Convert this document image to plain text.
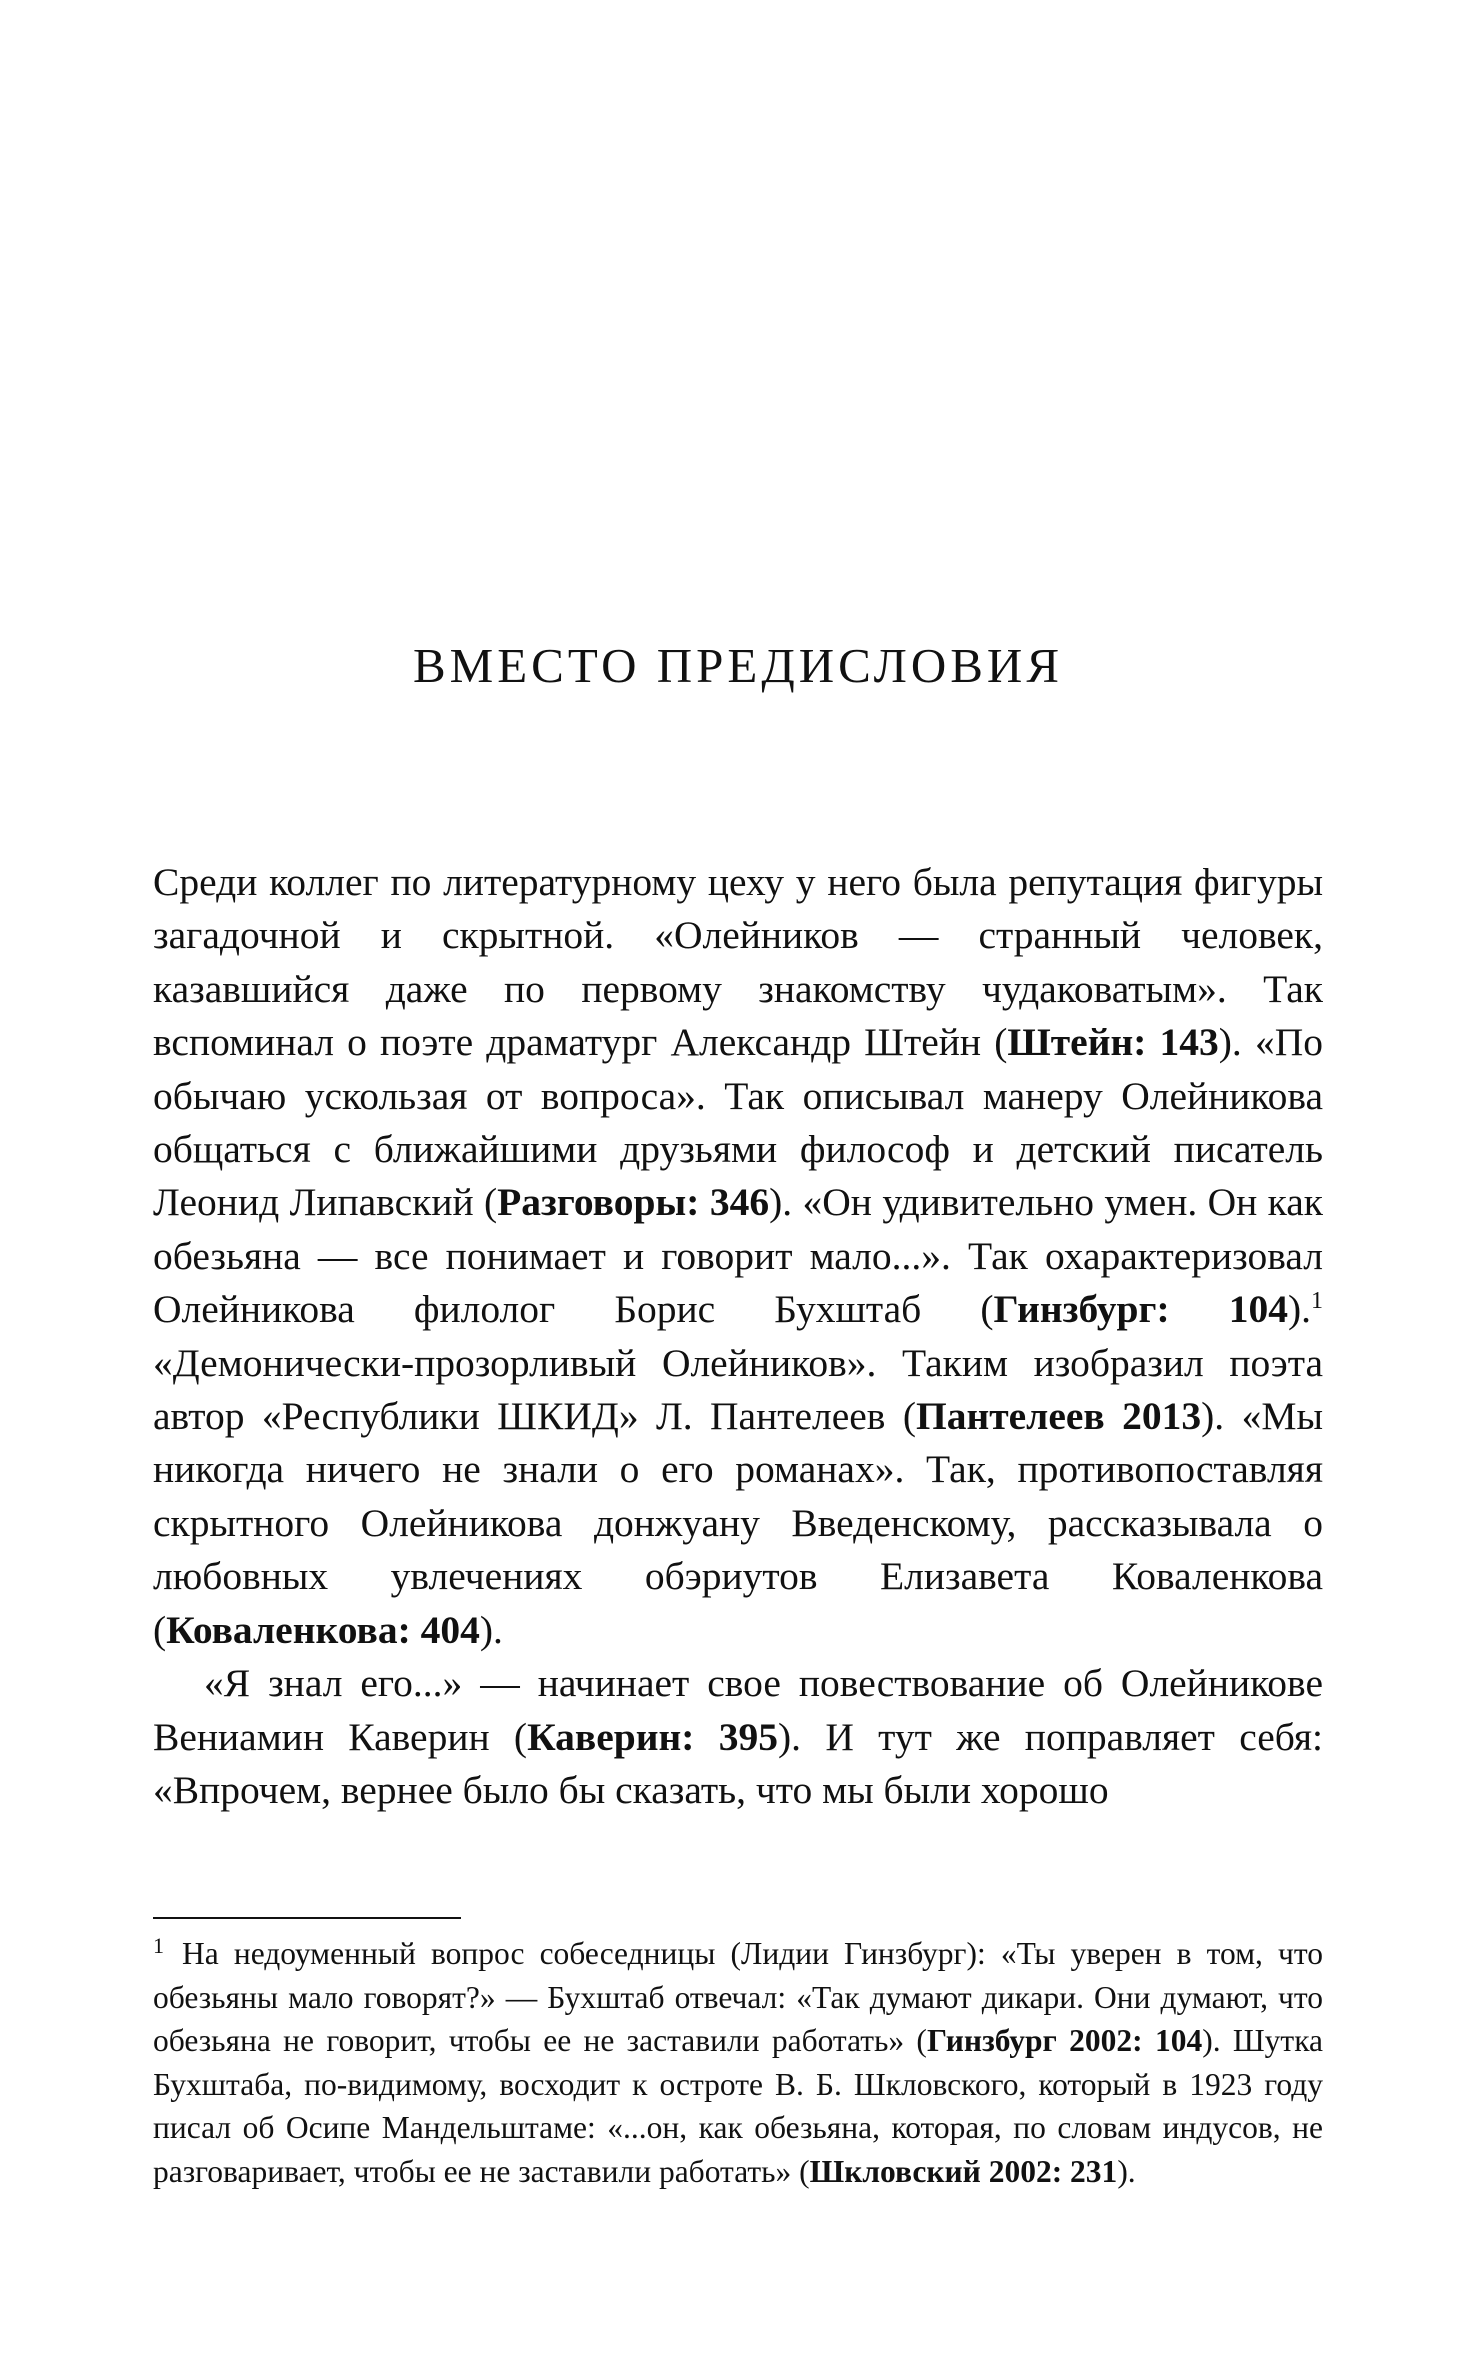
ВМЕСТО ПРЕДИСЛОВИЯ

Среди коллег по литературному цеху у него была репутация фигуры загадочной и скрытной. «Олейников — странный человек, казавшийся даже по первому знакомству чудаковатым». Так вспоминал о поэте драматург Александр Штейн (Штейн: 143). «По обычаю ускользая от вопроса». Так описывал манеру Олейникова общаться с ближайшими друзьями философ и детский писатель Леонид Липавский (Разговоры: 346). «Он удивительно умен. Он как обезьяна — все понимает и говорит мало...». Так охарактеризовал Олейникова филолог Борис Бухштаб (Гинзбург: 104).$^1$ «Демонически-прозорливый Олейников». Таким изобразил поэта автор «Республики ШКИД» Л. Пантелеев (Пантелеев 2013). «Мы никогда ничего не знали о его романах». Так, противопоставляя скрытного Олейникова донжуану Введенскому, рассказывала о любовных увлечениях обэриутов Елизавета Коваленкова (Коваленкова: 404).

«Я знал его...» — начинает свое повествование об Олейникове Вениамин Каверин (Каверин: 395). И тут же поправляет себя: «Впрочем, вернее было бы сказать, что мы были хорошо

$^1$ На недоуменный вопрос собеседницы (Лидии Гинзбург): «Ты уверен в том, что обезьяны мало говорят?» — Бухштаб отвечал: «Так думают дикари. Они думают, что обезьяна не говорит, чтобы ее не заставили работать» (Гинзбург 2002: 104). Шутка Бухштаба, по-видимому, восходит к остроте В. Б. Шкловского, который в 1923 году писал об Осипе Мандельштаме: «...он, как обезьяна, которая, по словам индусов, не разговаривает, чтобы ее не заставили работать» (Шкловский 2002: 231).
